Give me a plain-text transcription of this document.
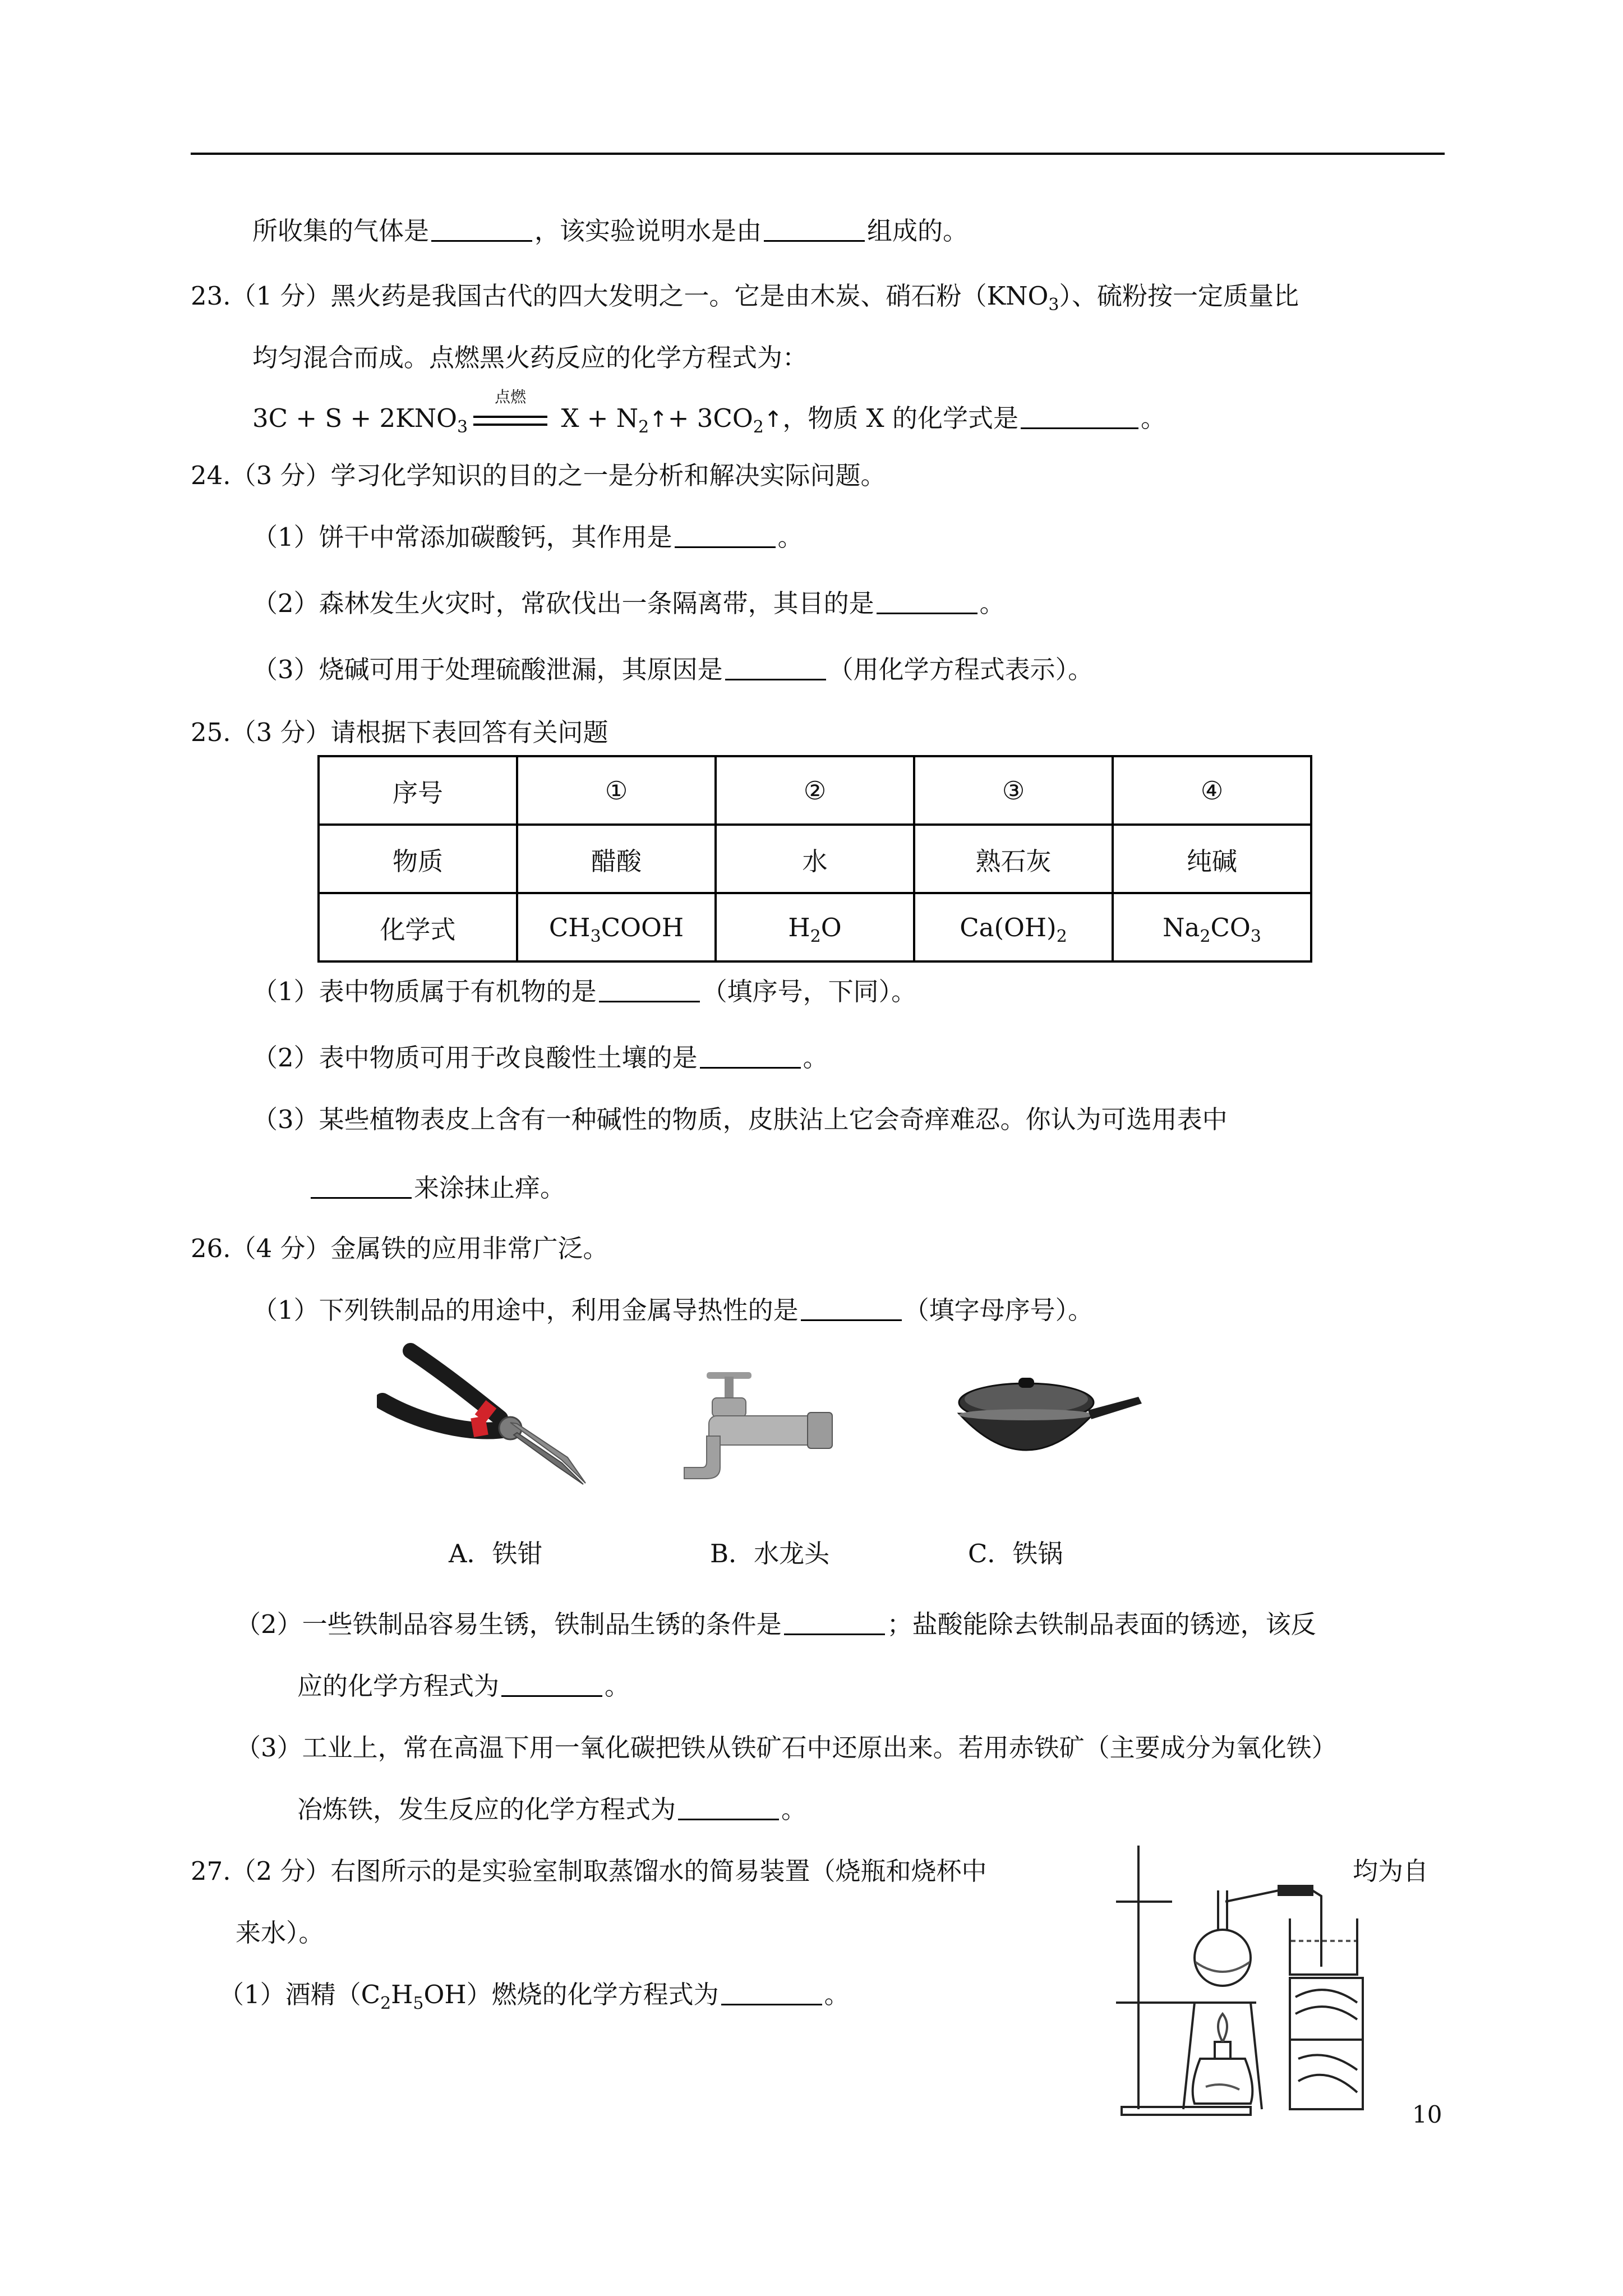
所收集的气体是	，该实验说明水是由	组成的。
23.（1 分）黑火药是我国古代的四大发明之一。它是由木炭、硝石粉$(KNO_3)$、硫粉按一定质量比
均匀混合而成。点燃黑火药反应的化学方程式为：
$3C + S + 2KNO_3$
点燃
$X + N_2↑+$ $3CO_2↑$，物质 X 的化学式是	。
24.（3 分）学习化学知识的目的之一是分析和解决实际问题。
（1）饼干中常添加碳酸钙，其作用是	。
（2）森林发生火灾时，常砍伐出一条隔离带，其目的是	。
（3）烧碱可用于处理硫酸泄漏，其原因是	（用化学方程式表示）。
25.（3 分）请根据下表回答有关问题
序号	①	②	③	④
物质	醋酸	水	熟石灰	纯碱
化学式	$CH_3COOH$	$H_2O$	$Ca(OH)_2$	$Na_2CO_3$
（1）表中物质属于有机物的是	（填序号，下同）。
（2）表中物质可用于改良酸性土壤的是	。
（3）某些植物表皮上含有一种碱性的物质，皮肤沾上它会奇痒难忍。你认为可选用表中
来涂抹止痒。
26.（4 分）金属铁的应用非常广泛。
（1）下列铁制品的用途中，利用金属导热性的是	（填字母序号）。
A．铁钳	B．水龙头	C．铁锅
（2）一些铁制品容易生锈，铁制品生锈的条件是	；盐酸能除去铁制品表面的锈迹，该反
应的化学方程式为	。
（3）工业上，常在高温下用一氧化碳把铁从铁矿石中还原出来。若用赤铁矿（主要成分为氧化铁）
冶炼铁，发生反应的化学方程式为	。
27.（2 分）右图所示的是实验室制取蒸馏水的简易装置（烧瓶和烧杯中	均为自
来水）。
（1）酒精$(C_2H_5OH)$燃烧的化学方程式为	。
10
